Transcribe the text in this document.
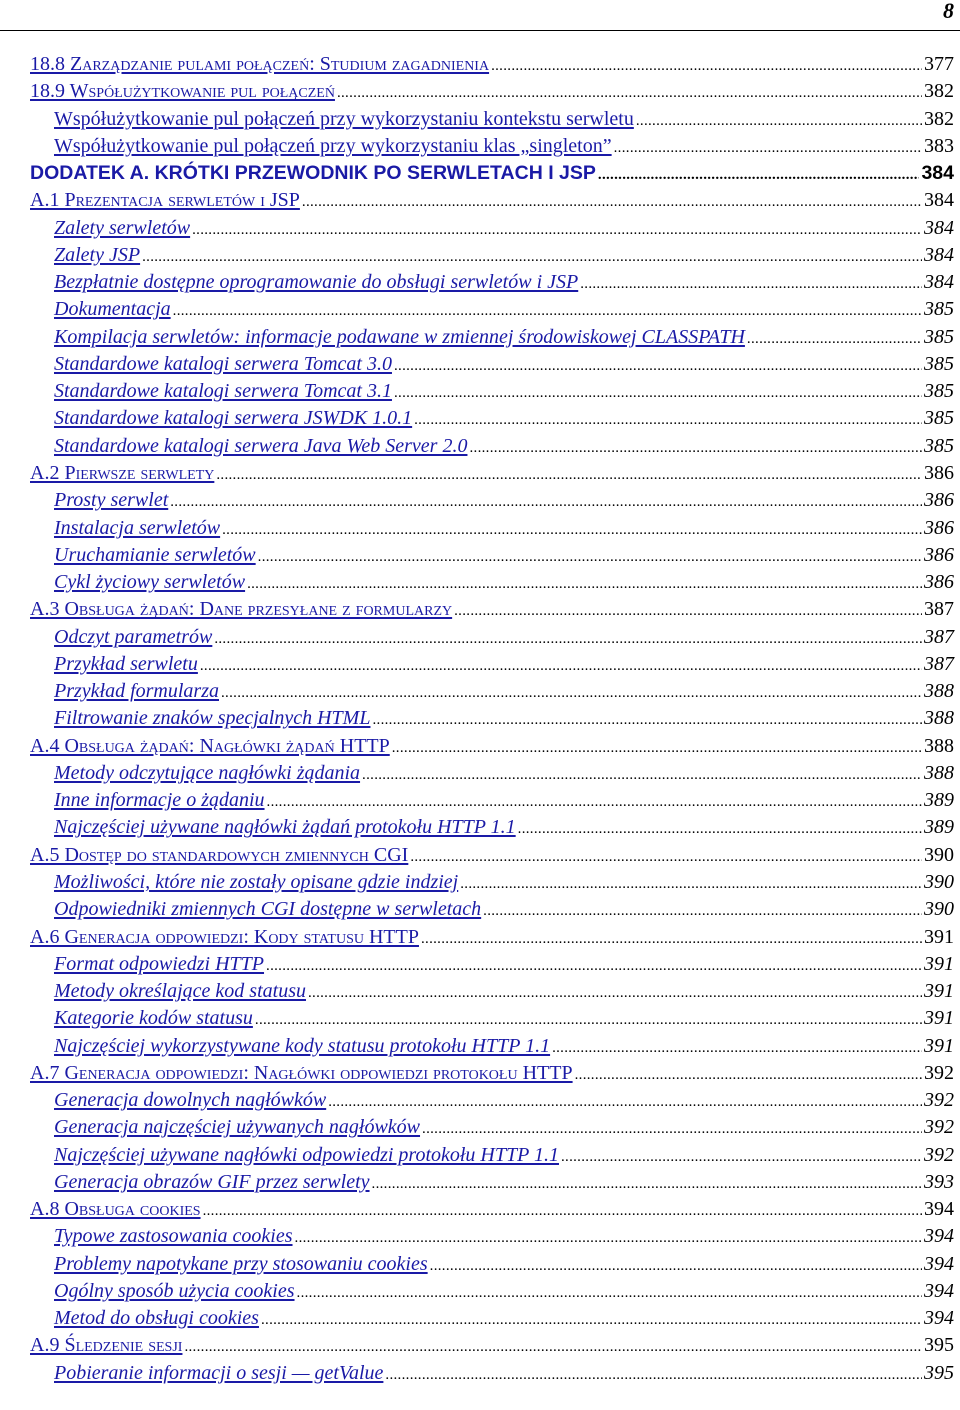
8
18.8 Zarządzanie pulami połączeń: Studium zagadnienia .....	377
18.9 Współużytkowanie pul połączeń .....	382
Współużytkowanie pul połączeń przy wykorzystaniu kontekstu serwletu .....	382
Współużytkowanie pul połączeń przy wykorzystaniu klas „singleton” .....	383
DODATEK A. KRÓTKI PRZEWODNIK PO SERWLETACH I JSP .....	384
A.1 Prezentacja serwletów i JSP .....	384
Zalety serwletów .....	384
Zalety JSP .....	384
Bezpłatnie dostępne oprogramowanie do obsługi serwletów i JSP .....	384
Dokumentacja .....	385
Kompilacja serwletów: informacje podawane w zmiennej środowiskowej CLASSPATH .....	385
Standardowe katalogi serwera Tomcat 3.0 .....	385
Standardowe katalogi serwera Tomcat 3.1 .....	385
Standardowe katalogi serwera JSWDK 1.0.1 .....	385
Standardowe katalogi serwera Java Web Server 2.0 .....	385
A.2 Pierwsze serwlety .....	386
Prosty serwlet .....	386
Instalacja serwletów .....	386
Uruchamianie serwletów .....	386
Cykl życiowy serwletów .....	386
A.3 Obsługa żądań: Dane przesyłane z formularzy .....	387
Odczyt parametrów .....	387
Przykład serwletu .....	387
Przykład formularza .....	388
Filtrowanie znaków specjalnych HTML .....	388
A.4 Obsługa żądań: Nagłówki żądań HTTP .....	388
Metody odczytujące nagłówki żądania .....	388
Inne informacje o żądaniu .....	389
Najczęściej używane nagłówki żądań protokołu HTTP 1.1 .....	389
A.5 Dostęp do standardowych zmiennych CGI .....	390
Możliwości, które nie zostały opisane gdzie indziej .....	390
Odpowiedniki zmiennych CGI dostępne w serwletach .....	390
A.6 Generacja odpowiedzi: Kody statusu HTTP .....	391
Format odpowiedzi HTTP .....	391
Metody określające kod statusu .....	391
Kategorie kodów statusu .....	391
Najczęściej wykorzystywane kody statusu protokołu HTTP 1.1 .....	391
A.7 Generacja odpowiedzi: Nagłówki odpowiedzi protokołu HTTP .....	392
Generacja dowolnych nagłówków .....	392
Generacja najczęściej używanych nagłówków .....	392
Najczęściej używane nagłówki odpowiedzi protokołu HTTP 1.1 .....	392
Generacja obrazów GIF przez serwlety .....	393
A.8 Obsługa cookies .....	394
Typowe zastosowania cookies .....	394
Problemy napotykane przy stosowaniu cookies .....	394
Ogólny sposób użycia cookies .....	394
Metod do obsługi cookies .....	394
A.9 Śledzenie sesji .....	395
Pobieranie informacji o sesji — getValue .....	395
